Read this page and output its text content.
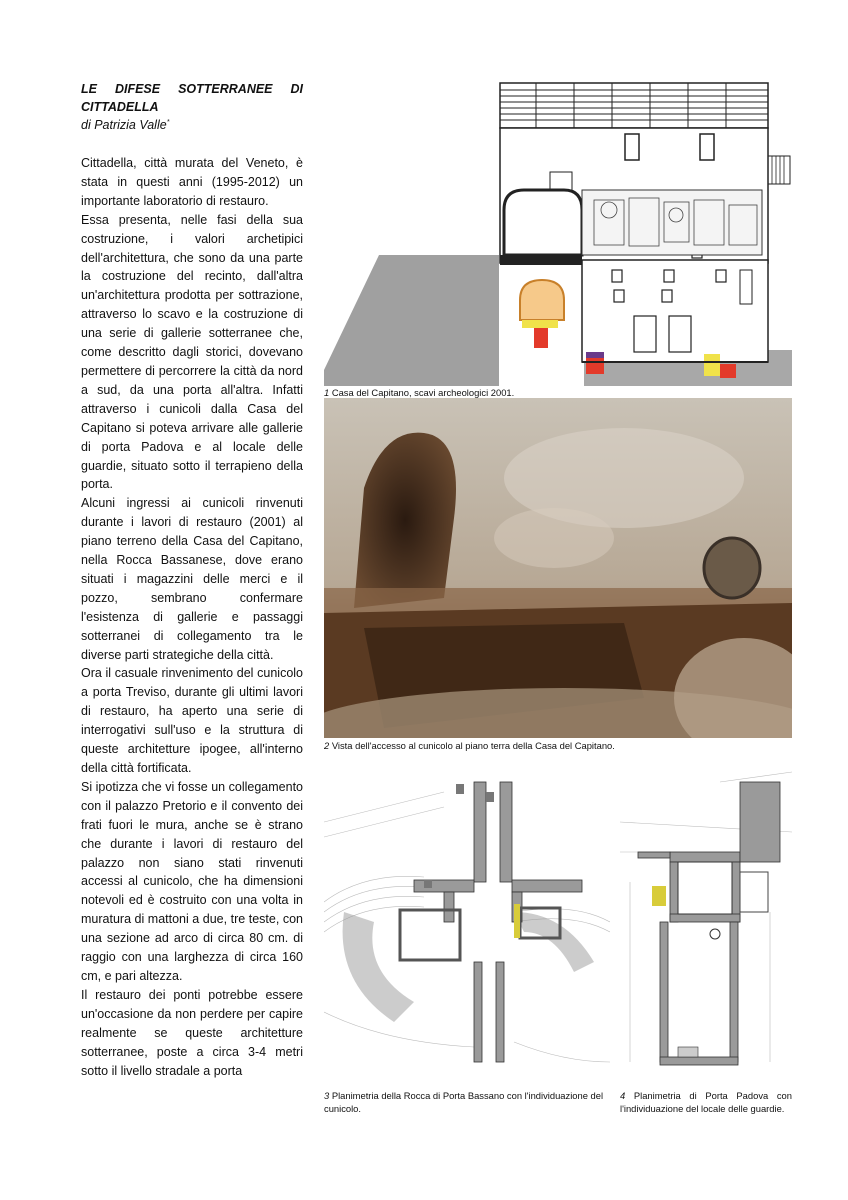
LE DIFESE SOTTERRANEE DI
CITTADELLA
di Patrizia Valle*

Cittadella, città murata del Veneto, è stata in questi anni (1995-2012) un importante laboratorio di restauro.

Essa presenta, nelle fasi della sua costruzione, i valori archetipici dell'architettura, che sono da una parte la costruzione del recinto, dall'altra un'architettura prodotta per sottrazione, attraverso lo scavo e la costruzione di una serie di gallerie sotterranee che, come descritto dagli storici, dovevano permettere di percorrere la città da nord a sud, da una porta all'altra. Infatti attraverso i cunicoli dalla Casa del Capitano si poteva arrivare alle gallerie di porta Padova e al locale delle guardie, situato sotto il terrapieno della porta.

Alcuni ingressi ai cunicoli rinvenuti durante i lavori di restauro (2001) al piano terreno della Casa del Capitano, nella Rocca Bassanese, dove erano situati i magazzini delle merci e il pozzo, sembrano confermare l'esistenza di gallerie e passaggi sotterranei di collegamento tra le diverse parti strategiche della città.

Ora il casuale rinvenimento del cunicolo a porta Treviso, durante gli ultimi lavori di restauro, ha aperto una serie di interrogativi sull'uso e la struttura di queste architetture ipogee, all'interno della città fortificata.

Si ipotizza che vi fosse un collegamento con il palazzo Pretorio e il convento dei frati fuori le mura, anche se è strano che durante i lavori di restauro del palazzo non siano stati rinvenuti accessi al cunicolo, che ha dimensioni notevoli ed è costruito con una volta in muratura di mattoni a due, tre teste, con una sezione ad arco di circa 80 cm. di raggio con una larghezza di circa 160 cm, e pari altezza.

Il restauro dei ponti potrebbe essere un'occasione da non perdere per capire realmente se queste architetture sotterranee, poste a circa 3-4 metri sotto il livello stradale a porta

1 Casa del Capitano, scavi archeologici 2001.
2 Vista dell'accesso al cunicolo al piano terra della Casa del Capitano.
3 Planimetria della Rocca di Porta Bassano con l'individuazione del cunicolo.
4 Planimetria di Porta Padova con l'individuazione del locale delle guardie.
